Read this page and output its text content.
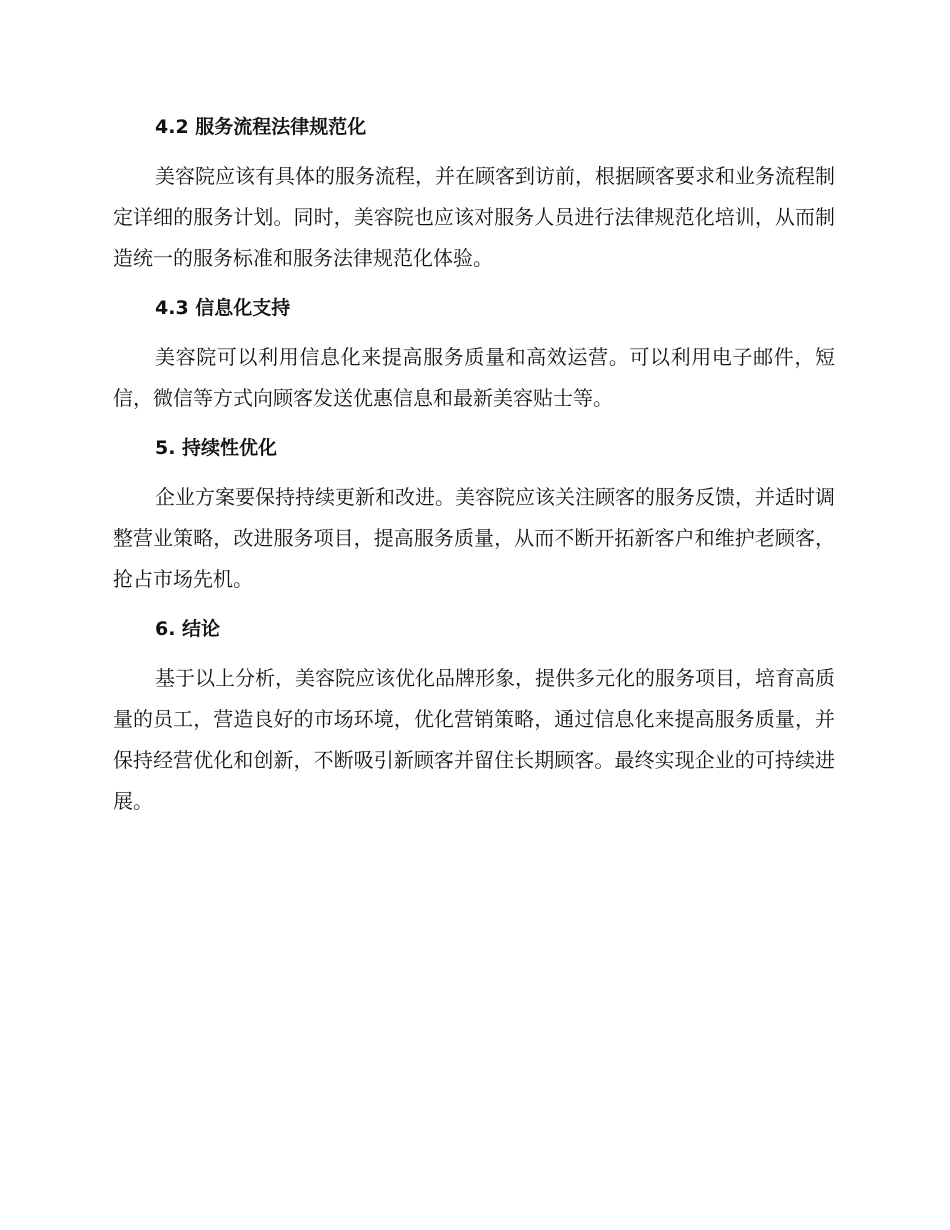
4.2 服务流程法律规范化

美容院应该有具体的服务流程，并在顾客到访前，根据顾客要求和业务流程制定详细的服务计划。同时，美容院也应该对服务人员进行法律规范化培训，从而制造统一的服务标准和服务法律规范化体验。

4.3 信息化支持

美容院可以利用信息化来提高服务质量和高效运营。可以利用电子邮件，短信，微信等方式向顾客发送优惠信息和最新美容贴士等。

5. 持续性优化

企业方案要保持持续更新和改进。美容院应该关注顾客的服务反馈，并适时调整营业策略，改进服务项目，提高服务质量，从而不断开拓新客户和维护老顾客，抢占市场先机。

6. 结论

基于以上分析，美容院应该优化品牌形象，提供多元化的服务项目，培育高质量的员工，营造良好的市场环境，优化营销策略，通过信息化来提高服务质量，并保持经营优化和创新，不断吸引新顾客并留住长期顾客。最终实现企业的可持续进展。
